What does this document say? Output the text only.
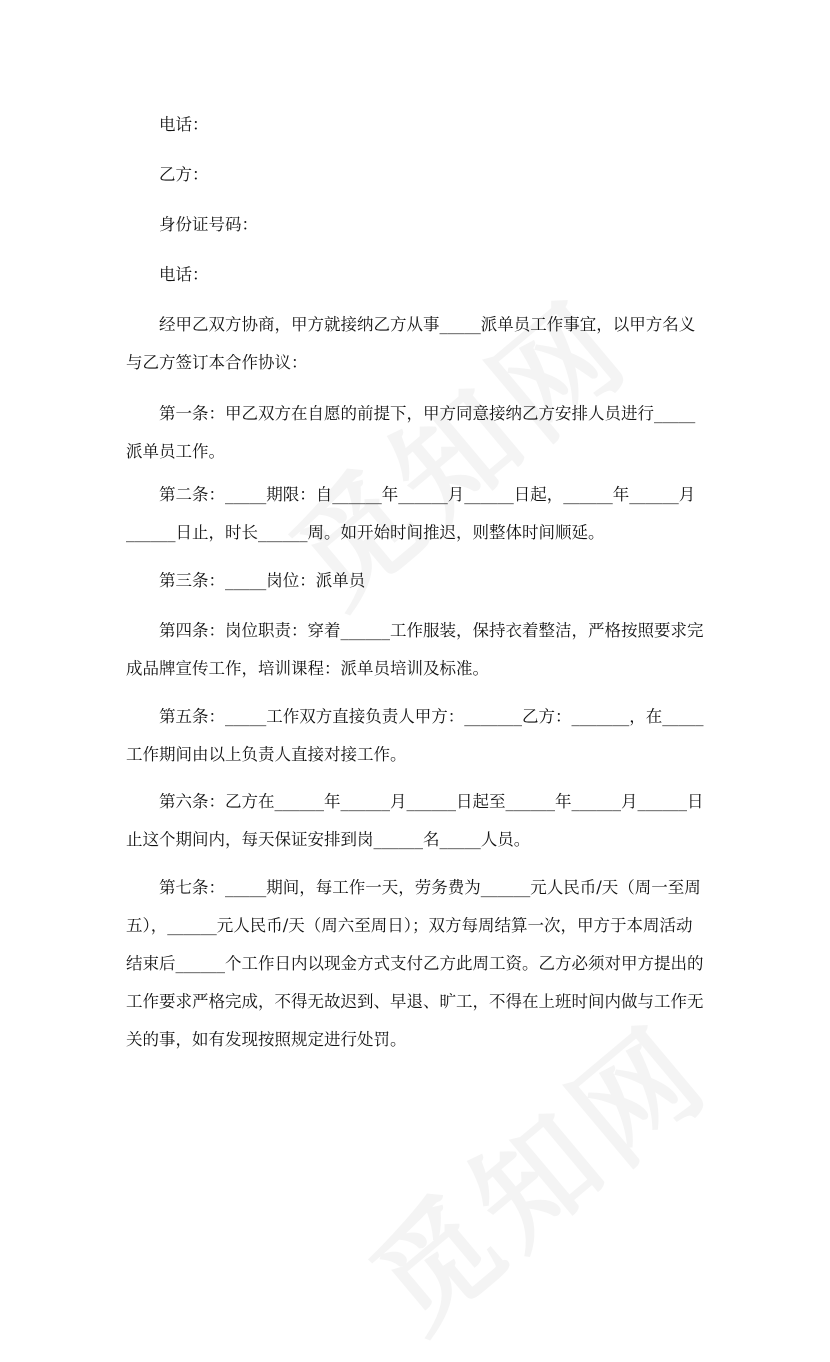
电话：

乙方：

身份证号码：

电话：

经甲乙双方协商，甲方就接纳乙方从事_____派单员工作事宜，以甲方名义与乙方签订本合作协议：

第一条：甲乙双方在自愿的前提下，甲方同意接纳乙方安排人员进行_____派单员工作。

第二条：_____期限：自______年______月______日起，______年______月______日止，时长______周。如开始时间推迟，则整体时间顺延。

第三条：_____岗位：派单员

第四条：岗位职责：穿着______工作服装，保持衣着整洁，严格按照要求完成品牌宣传工作，培训课程：派单员培训及标准。

第五条：_____工作双方直接负责人甲方：_______乙方：_______，在_____工作期间由以上负责人直接对接工作。

第六条：乙方在______年______月______日起至______年______月______日止这个期间内，每天保证安排到岗______名_____人员。

第七条：_____期间，每工作一天，劳务费为______元人民币/天（周一至周五），______元人民币/天（周六至周日）；双方每周结算一次，甲方于本周活动结束后______个工作日内以现金方式支付乙方此周工资。乙方必须对甲方提出的工作要求严格完成，不得无故迟到、早退、旷工，不得在上班时间内做与工作无关的事，如有发现按照规定进行处罚。
